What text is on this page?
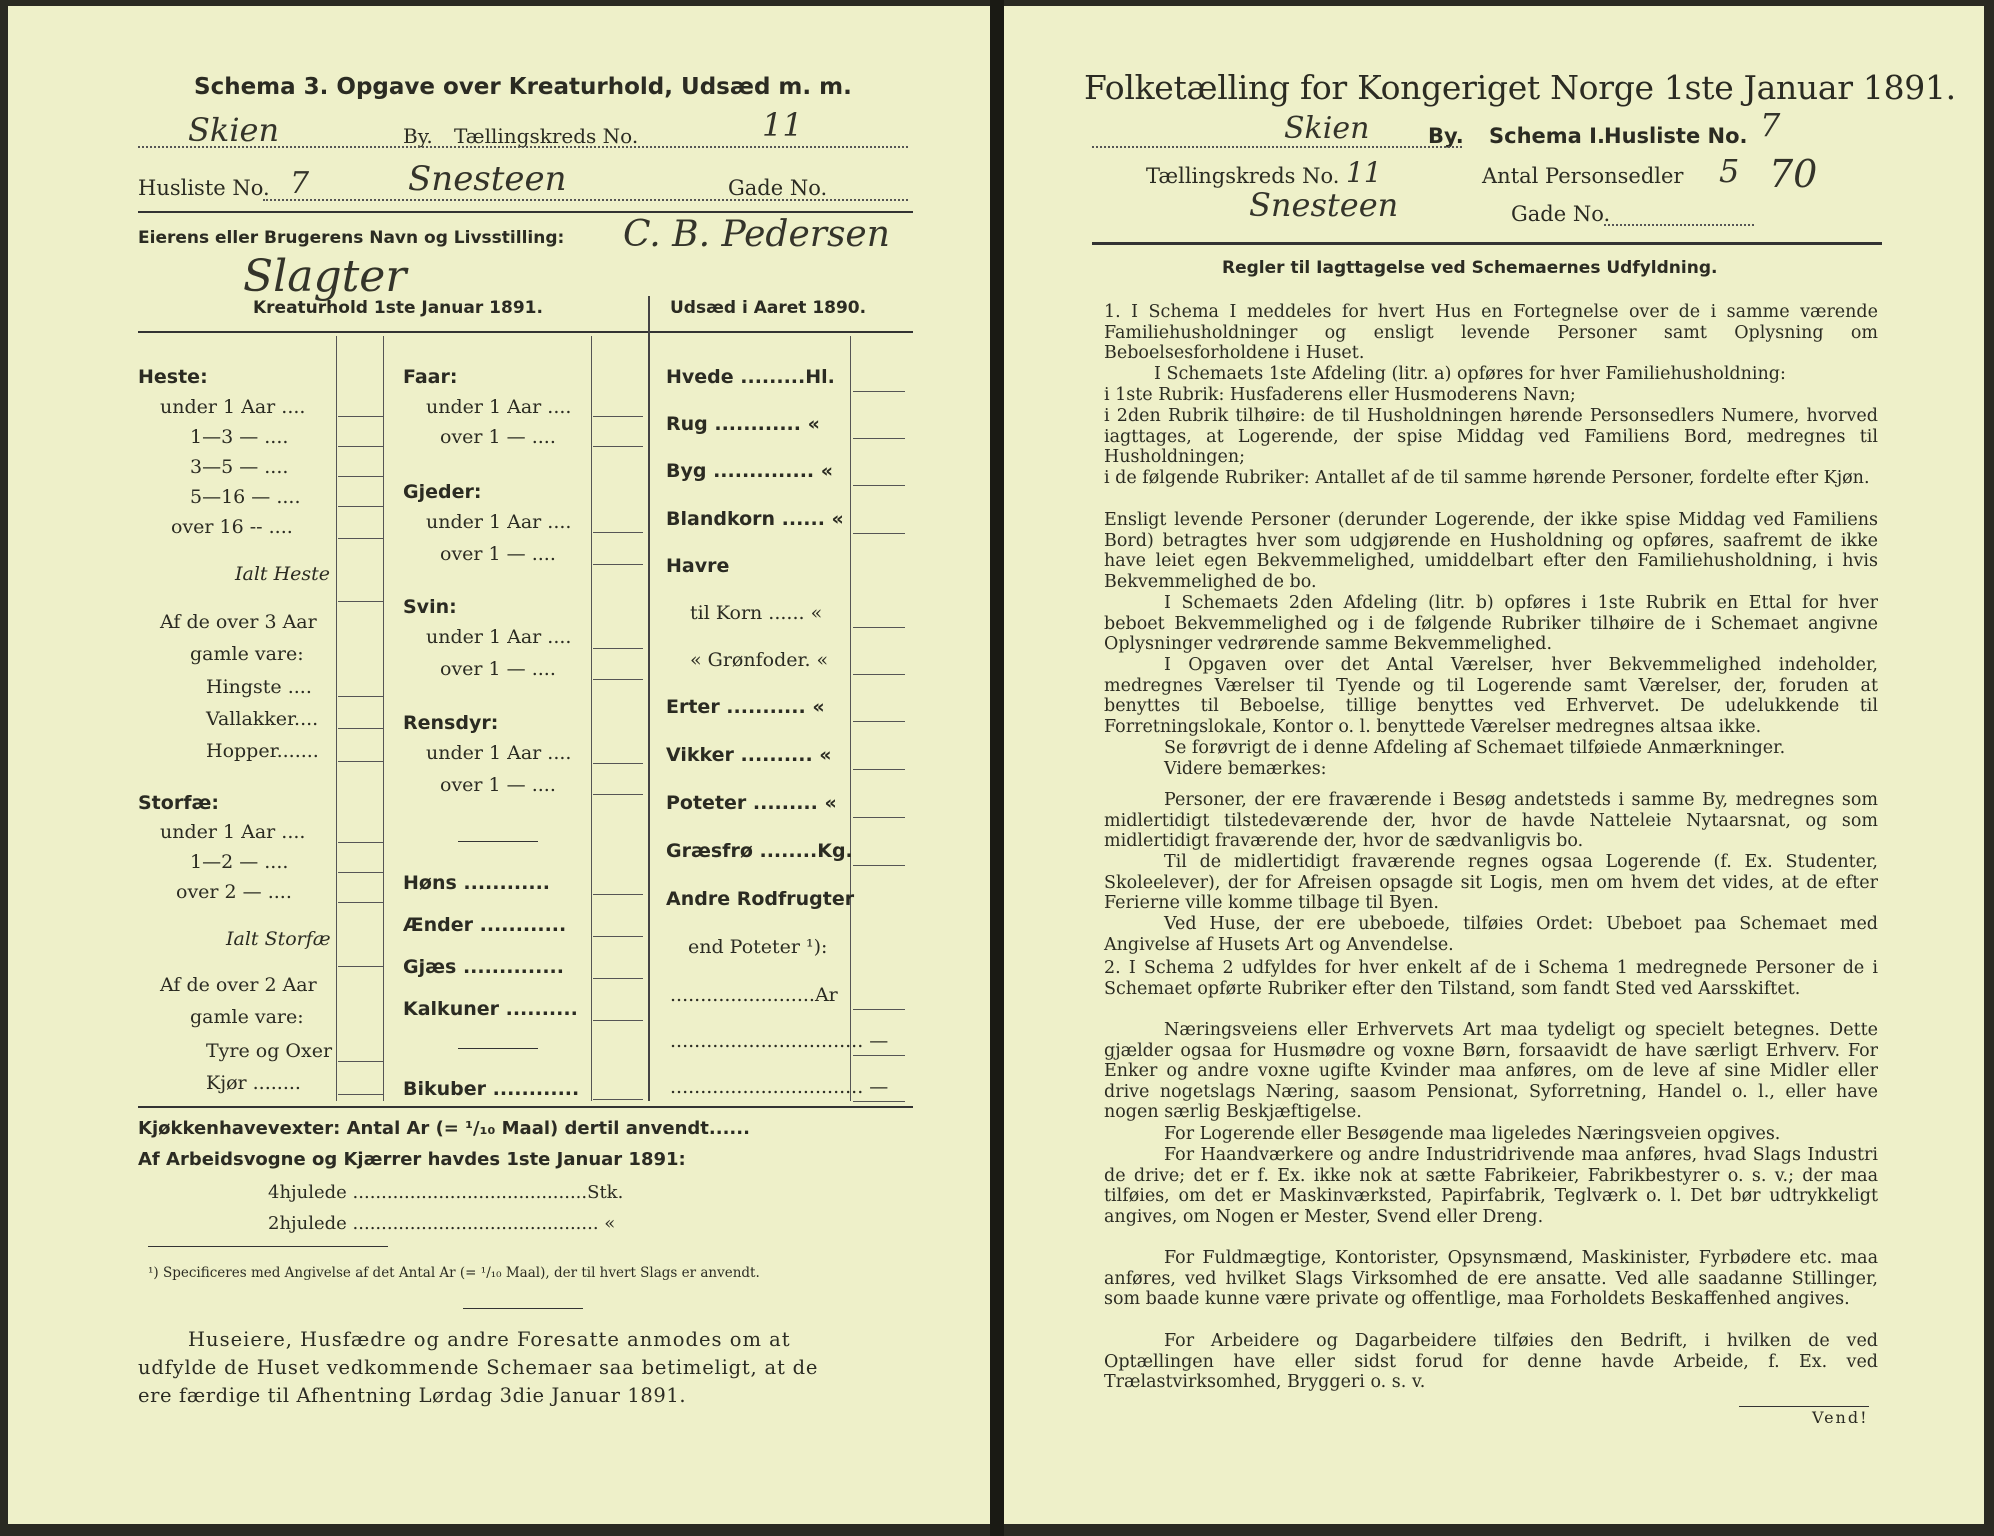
Schema 3. Opgave over Kreaturhold, Udsæd m. m.
Skien	By. Tællingskreds No.	11
Husliste No. 7	Snesteen	Gade No.
Eierens eller Brugerens Navn og Livsstilling: C. B. Pedersen
Slagter
Kreaturhold 1ste Januar 1891.	Udsæd i Aaret 1890.
Heste:
under 1 Aar ....
1—3 — ....
3—5 — ....
5—16 — ....
over 16 -- ....
Ialt Heste
Af de over 3 Aar
gamle vare:
Hingste ....
Vallakker....
Hopper.......
Storfæ:
under 1 Aar ....
1—2 — ....
over 2 — ....
Ialt Storfæ
Af de over 2 Aar
gamle vare:
Tyre og Oxer
Kjør ........
Faar:
under 1 Aar ....
over 1 — ....
Gjeder:
under 1 Aar ....
over 1 — ....
Svin:
under 1 Aar ....
over 1 — ....
Rensdyr:
under 1 Aar ....
over 1 — ....
Høns ............
Ænder ............
Gjæs ..............
Kalkuner ..........
Bikuber ............
Hvede .........Hl.
Rug ............ «
Byg .............. «
Blandkorn ...... «
Havre
til Korn ...... «
« Grønfoder. «
Erter ........... «
Vikker .......... «
Poteter ......... «
Græsfrø ........Kg.
Andre Rodfrugter
end Poteter ¹):
........................Ar
................................ —
................................ —
Kjøkkenhavevexter: Antal Ar (= ¹/₁₀ Maal) dertil anvendt......
Af Arbeidsvogne og Kjærrer havdes 1ste Januar 1891:
4hjulede .........................................Stk.
2hjulede ........................................... «
¹) Specificeres med Angivelse af det Antal Ar (= ¹/₁₀ Maal), der til hvert Slags er anvendt.
Huseiere, Husfædre og andre Foresatte anmodes om at
udfylde de Huset vedkommende Schemaer saa betimeligt, at de
ere færdige til Afhentning Lørdag 3die Januar 1891.
Folketælling for Kongeriget Norge 1ste Januar 1891.
Skien	By. Schema I. Husliste No. 7
Tællingskreds No. 11	Antal Personsedler 5 70
Snesteen	Gade No.
Regler til Iagttagelse ved Schemaernes Udfyldning.
1. I Schema I meddeles for hvert Hus en Fortegnelse over de i samme værende Familiehusholdninger og ensligt levende Personer samt Oplysning om Beboelsesforholdene i Huset.
I Schemaets 1ste Afdeling (litr. a) opføres for hver Familiehusholdning:
i 1ste Rubrik: Husfaderens eller Husmoderens Navn;
i 2den Rubrik tilhøire: de til Husholdningen hørende Personsedlers Numere, hvorved iagttages, at Logerende, der spise Middag ved Familiens Bord, medregnes til Husholdningen;
i de følgende Rubriker: Antallet af de til samme hørende Personer, fordelte efter Kjøn.
Ensligt levende Personer (derunder Logerende, der ikke spise Middag ved Familiens Bord) betragtes hver som udgjørende en Husholdning og opføres, saafremt de ikke have leiet egen Bekvemmelighed, umiddelbart efter den Familiehusholdning, i hvis Bekvemmelighed de bo.
I Schemaets 2den Afdeling (litr. b) opføres i 1ste Rubrik en Ettal for hver beboet Bekvemmelighed og i de følgende Rubriker tilhøire de i Schemaet angivne Oplysninger vedrørende samme Bekvemmelighed.
I Opgaven over det Antal Værelser, hver Bekvemmelighed indeholder, medregnes Værelser til Tyende og til Logerende samt Værelser, der, foruden at benyttes til Beboelse, tillige benyttes ved Erhvervet. De udelukkende til Forretningslokale, Kontor o. l. benyttede Værelser medregnes altsaa ikke.
Se forøvrigt de i denne Afdeling af Schemaet tilføiede Anmærkninger.
Videre bemærkes:
Personer, der ere fraværende i Besøg andetsteds i samme By, medregnes som midlertidigt tilstedeværende der, hvor de havde Natteleie Nytaarsnat, og som midlertidigt fraværende der, hvor de sædvanligvis bo.
Til de midlertidigt fraværende regnes ogsaa Logerende (f. Ex. Studenter, Skoleelever), der for Afreisen opsagde sit Logis, men om hvem det vides, at de efter Ferierne ville komme tilbage til Byen.
Ved Huse, der ere ubeboede, tilføies Ordet: Ubeboet paa Schemaet med Angivelse af Husets Art og Anvendelse.
2. I Schema 2 udfyldes for hver enkelt af de i Schema 1 medregnede Personer de i Schemaet opførte Rubriker efter den Tilstand, som fandt Sted ved Aarsskiftet.
Næringsveiens eller Erhvervets Art maa tydeligt og specielt betegnes. Dette gjælder ogsaa for Husmødre og voxne Børn, forsaavidt de have særligt Erhverv. For Enker og andre voxne ugifte Kvinder maa anføres, om de leve af sine Midler eller drive nogetslags Næring, saasom Pensionat, Syforretning, Handel o. l., eller have nogen særlig Beskjæftigelse.
For Logerende eller Besøgende maa ligeledes Næringsveien opgives.
For Haandværkere og andre Industridrivende maa anføres, hvad Slags Industri de drive; det er f. Ex. ikke nok at sætte Fabrikeier, Fabrikbestyrer o. s. v.; der maa tilføies, om det er Maskinværksted, Papirfabrik, Teglværk o. l. Det bør udtrykkeligt angives, om Nogen er Mester, Svend eller Dreng.
For Fuldmægtige, Kontorister, Opsynsmænd, Maskinister, Fyrbødere etc. maa anføres, ved hvilket Slags Virksomhed de ere ansatte. Ved alle saadanne Stillinger, som baade kunne være private og offentlige, maa Forholdets Beskaffenhed angives.
For Arbeidere og Dagarbeidere tilføies den Bedrift, i hvilken de ved Optællingen have eller sidst forud for denne havde Arbeide, f. Ex. ved Trælastvirksomhed, Bryggeri o. s. v.
Vend!
